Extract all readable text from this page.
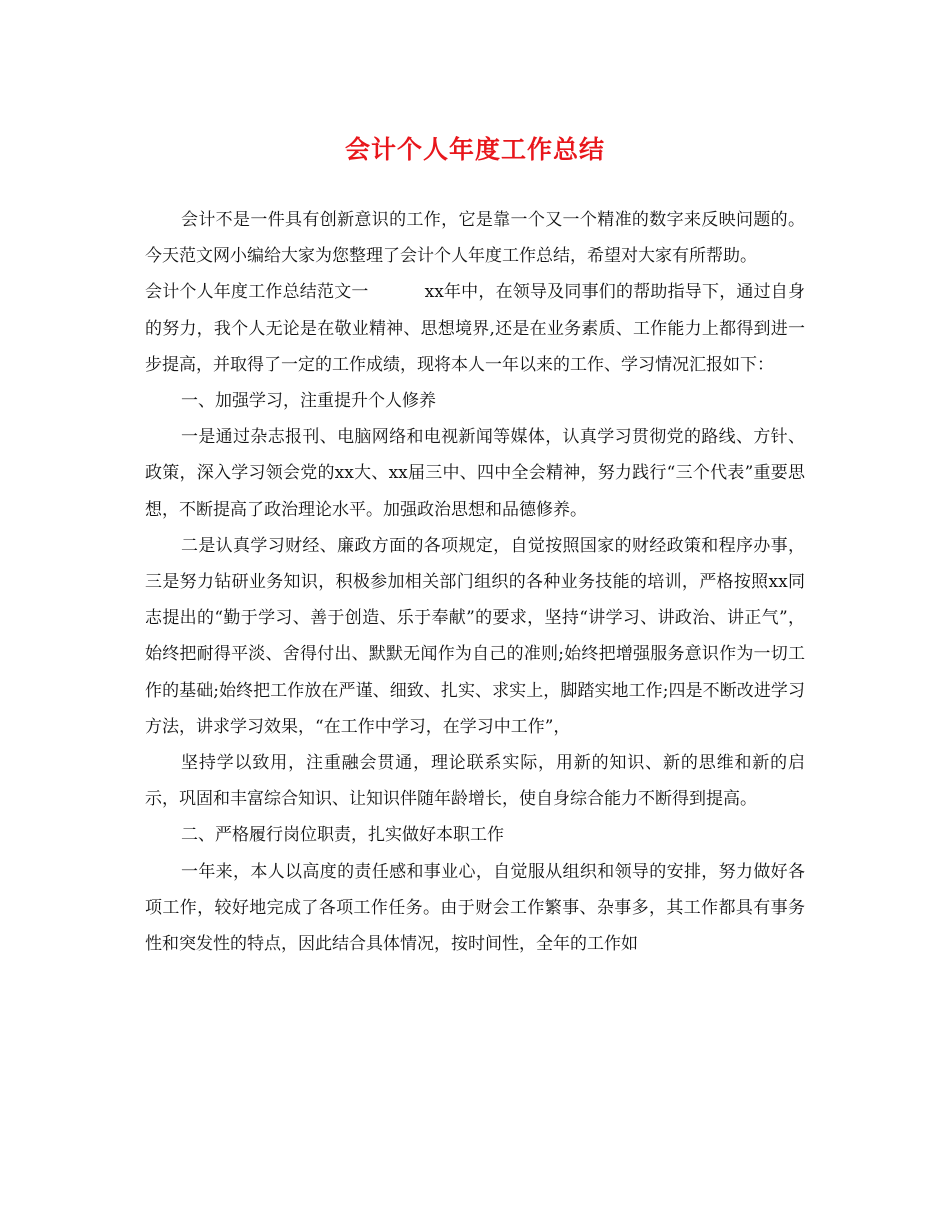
会计个人年度工作总结

会计不是一件具有创新意识的工作，它是靠一个又一个精准的数字来反映问题的。今天范文网小编给大家为您整理了会计个人年度工作总结，希望对大家有所帮助。

会计个人年度工作总结范文一	xx年中，在领导及同事们的帮助指导下，通过自身的努力，我个人无论是在敬业精神、思想境界,还是在业务素质、工作能力上都得到进一步提高，并取得了一定的工作成绩，现将本人一年以来的工作、学习情况汇报如下：

一、加强学习，注重提升个人修养

一是通过杂志报刊、电脑网络和电视新闻等媒体，认真学习贯彻党的路线、方针、政策，深入学习领会党的xx大、xx届三中、四中全会精神，努力践行“三个代表”重要思想，不断提高了政治理论水平。加强政治思想和品德修养。

二是认真学习财经、廉政方面的各项规定，自觉按照国家的财经政策和程序办事，三是努力钻研业务知识，积极参加相关部门组织的各种业务技能的培训，严格按照xx同志提出的“勤于学习、善于创造、乐于奉献”的要求，坚持“讲学习、讲政治、讲正气”，始终把耐得平淡、舍得付出、默默无闻作为自己的准则;始终把增强服务意识作为一切工作的基础;始终把工作放在严谨、细致、扎实、求实上，脚踏实地工作;四是不断改进学习方法，讲求学习效果，“在工作中学习，在学习中工作”，

坚持学以致用，注重融会贯通，理论联系实际，用新的知识、新的思维和新的启示，巩固和丰富综合知识、让知识伴随年龄增长，使自身综合能力不断得到提高。

二、严格履行岗位职责，扎实做好本职工作

一年来，本人以高度的责任感和事业心，自觉服从组织和领导的安排，努力做好各项工作，较好地完成了各项工作任务。由于财会工作繁事、杂事多，其工作都具有事务性和突发性的特点，因此结合具体情况，按时间性，全年的工作如
